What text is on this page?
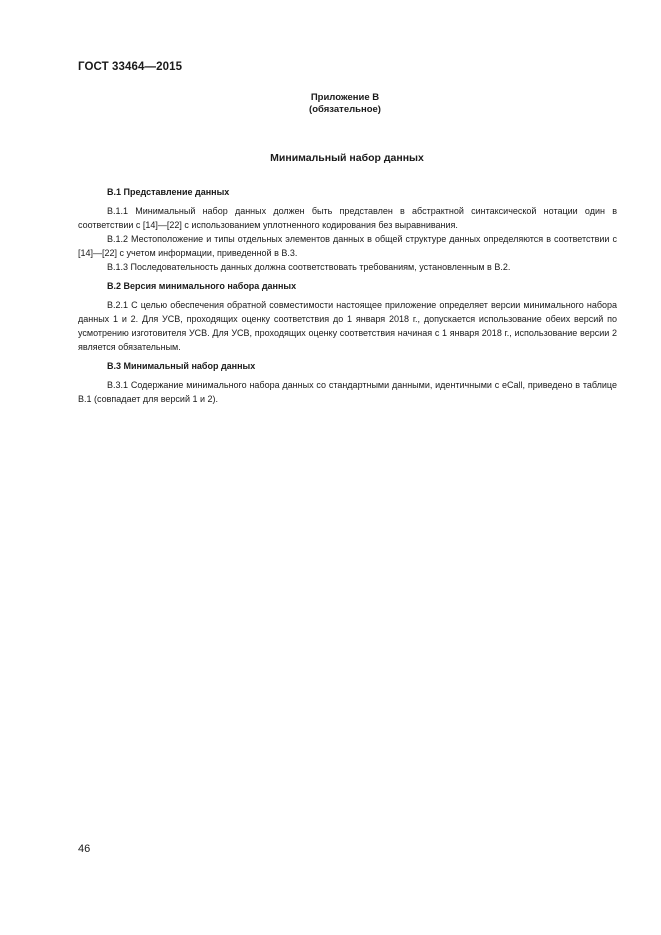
ГОСТ 33464—2015
Приложение В
(обязательное)
Минимальный набор данных
В.1 Представление данных
В.1.1 Минимальный набор данных должен быть представлен в абстрактной синтаксической нотации один в соответствии с [14]—[22] с использованием уплотненного кодирования без выравнивания.
В.1.2 Местоположение и типы отдельных элементов данных в общей структуре данных определяются в соответствии с [14]—[22] с учетом информации, приведенной в В.3.
В.1.3 Последовательность данных должна соответствовать требованиям, установленным в В.2.
В.2 Версия минимального набора данных
В.2.1 С целью обеспечения обратной совместимости настоящее приложение определяет версии минимального набора данных 1 и 2. Для УСВ, проходящих оценку соответствия до 1 января 2018 г., допускается использование обеих версий по усмотрению изготовителя УСВ. Для УСВ, проходящих оценку соответствия начиная с 1 января 2018 г., использование версии 2 является обязательным.
В.3 Минимальный набор данных
В.3.1 Содержание минимального набора данных со стандартными данными, идентичными с eCall, приведено в таблице В.1 (совпадает для версий 1 и 2).
46
